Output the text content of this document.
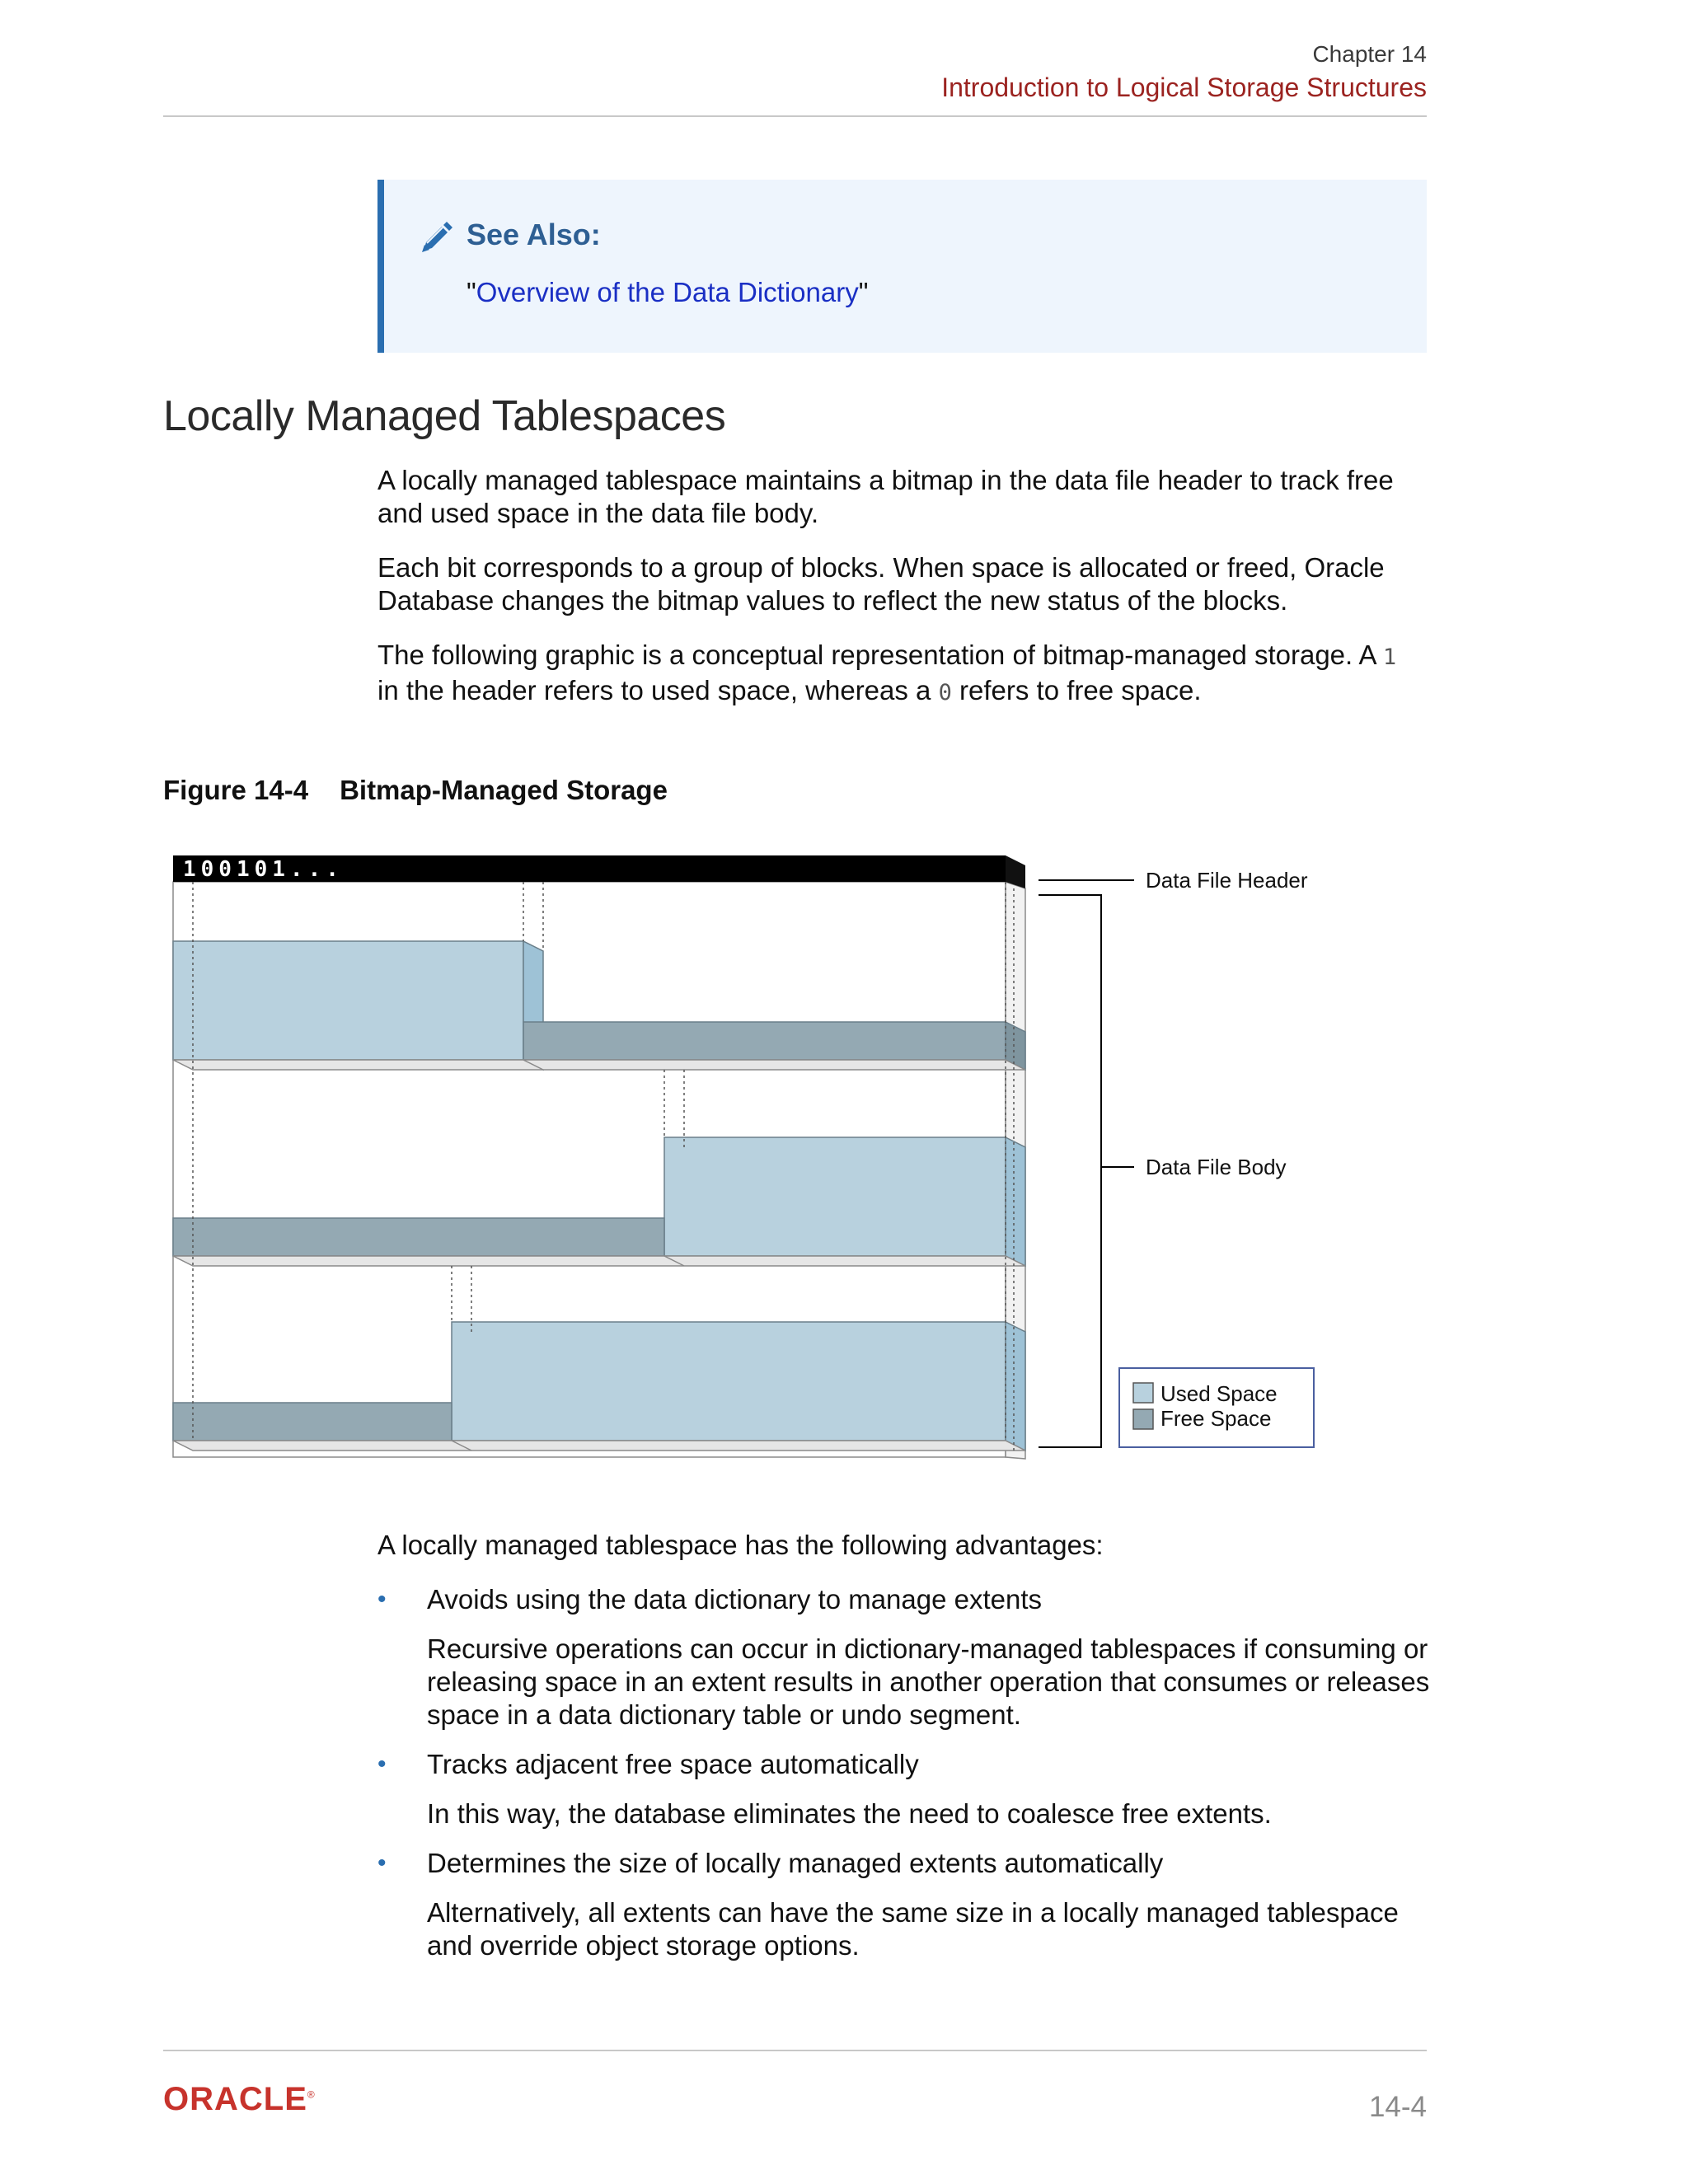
Chapter 14
Introduction to Logical Storage Structures
See Also:
"Overview of the Data Dictionary"
Locally Managed Tablespaces
A locally managed tablespace maintains a bitmap in the data file header to track free and used space in the data file body.
Each bit corresponds to a group of blocks. When space is allocated or freed, Oracle Database changes the bitmap values to reflect the new status of the blocks.
The following graphic is a conceptual representation of bitmap-managed storage. A 1 in the header refers to used space, whereas a 0 refers to free space.
Figure 14-4 Bitmap-Managed Storage
100101...	Data File Header
Data File Body
Used Space
Free Space
A locally managed tablespace has the following advantages:
• Avoids using the data dictionary to manage extents
Recursive operations can occur in dictionary-managed tablespaces if consuming or releasing space in an extent results in another operation that consumes or releases space in a data dictionary table or undo segment.
• Tracks adjacent free space automatically
In this way, the database eliminates the need to coalesce free extents.
• Determines the size of locally managed extents automatically
Alternatively, all extents can have the same size in a locally managed tablespace and override object storage options.
ORACLE®	14-4
